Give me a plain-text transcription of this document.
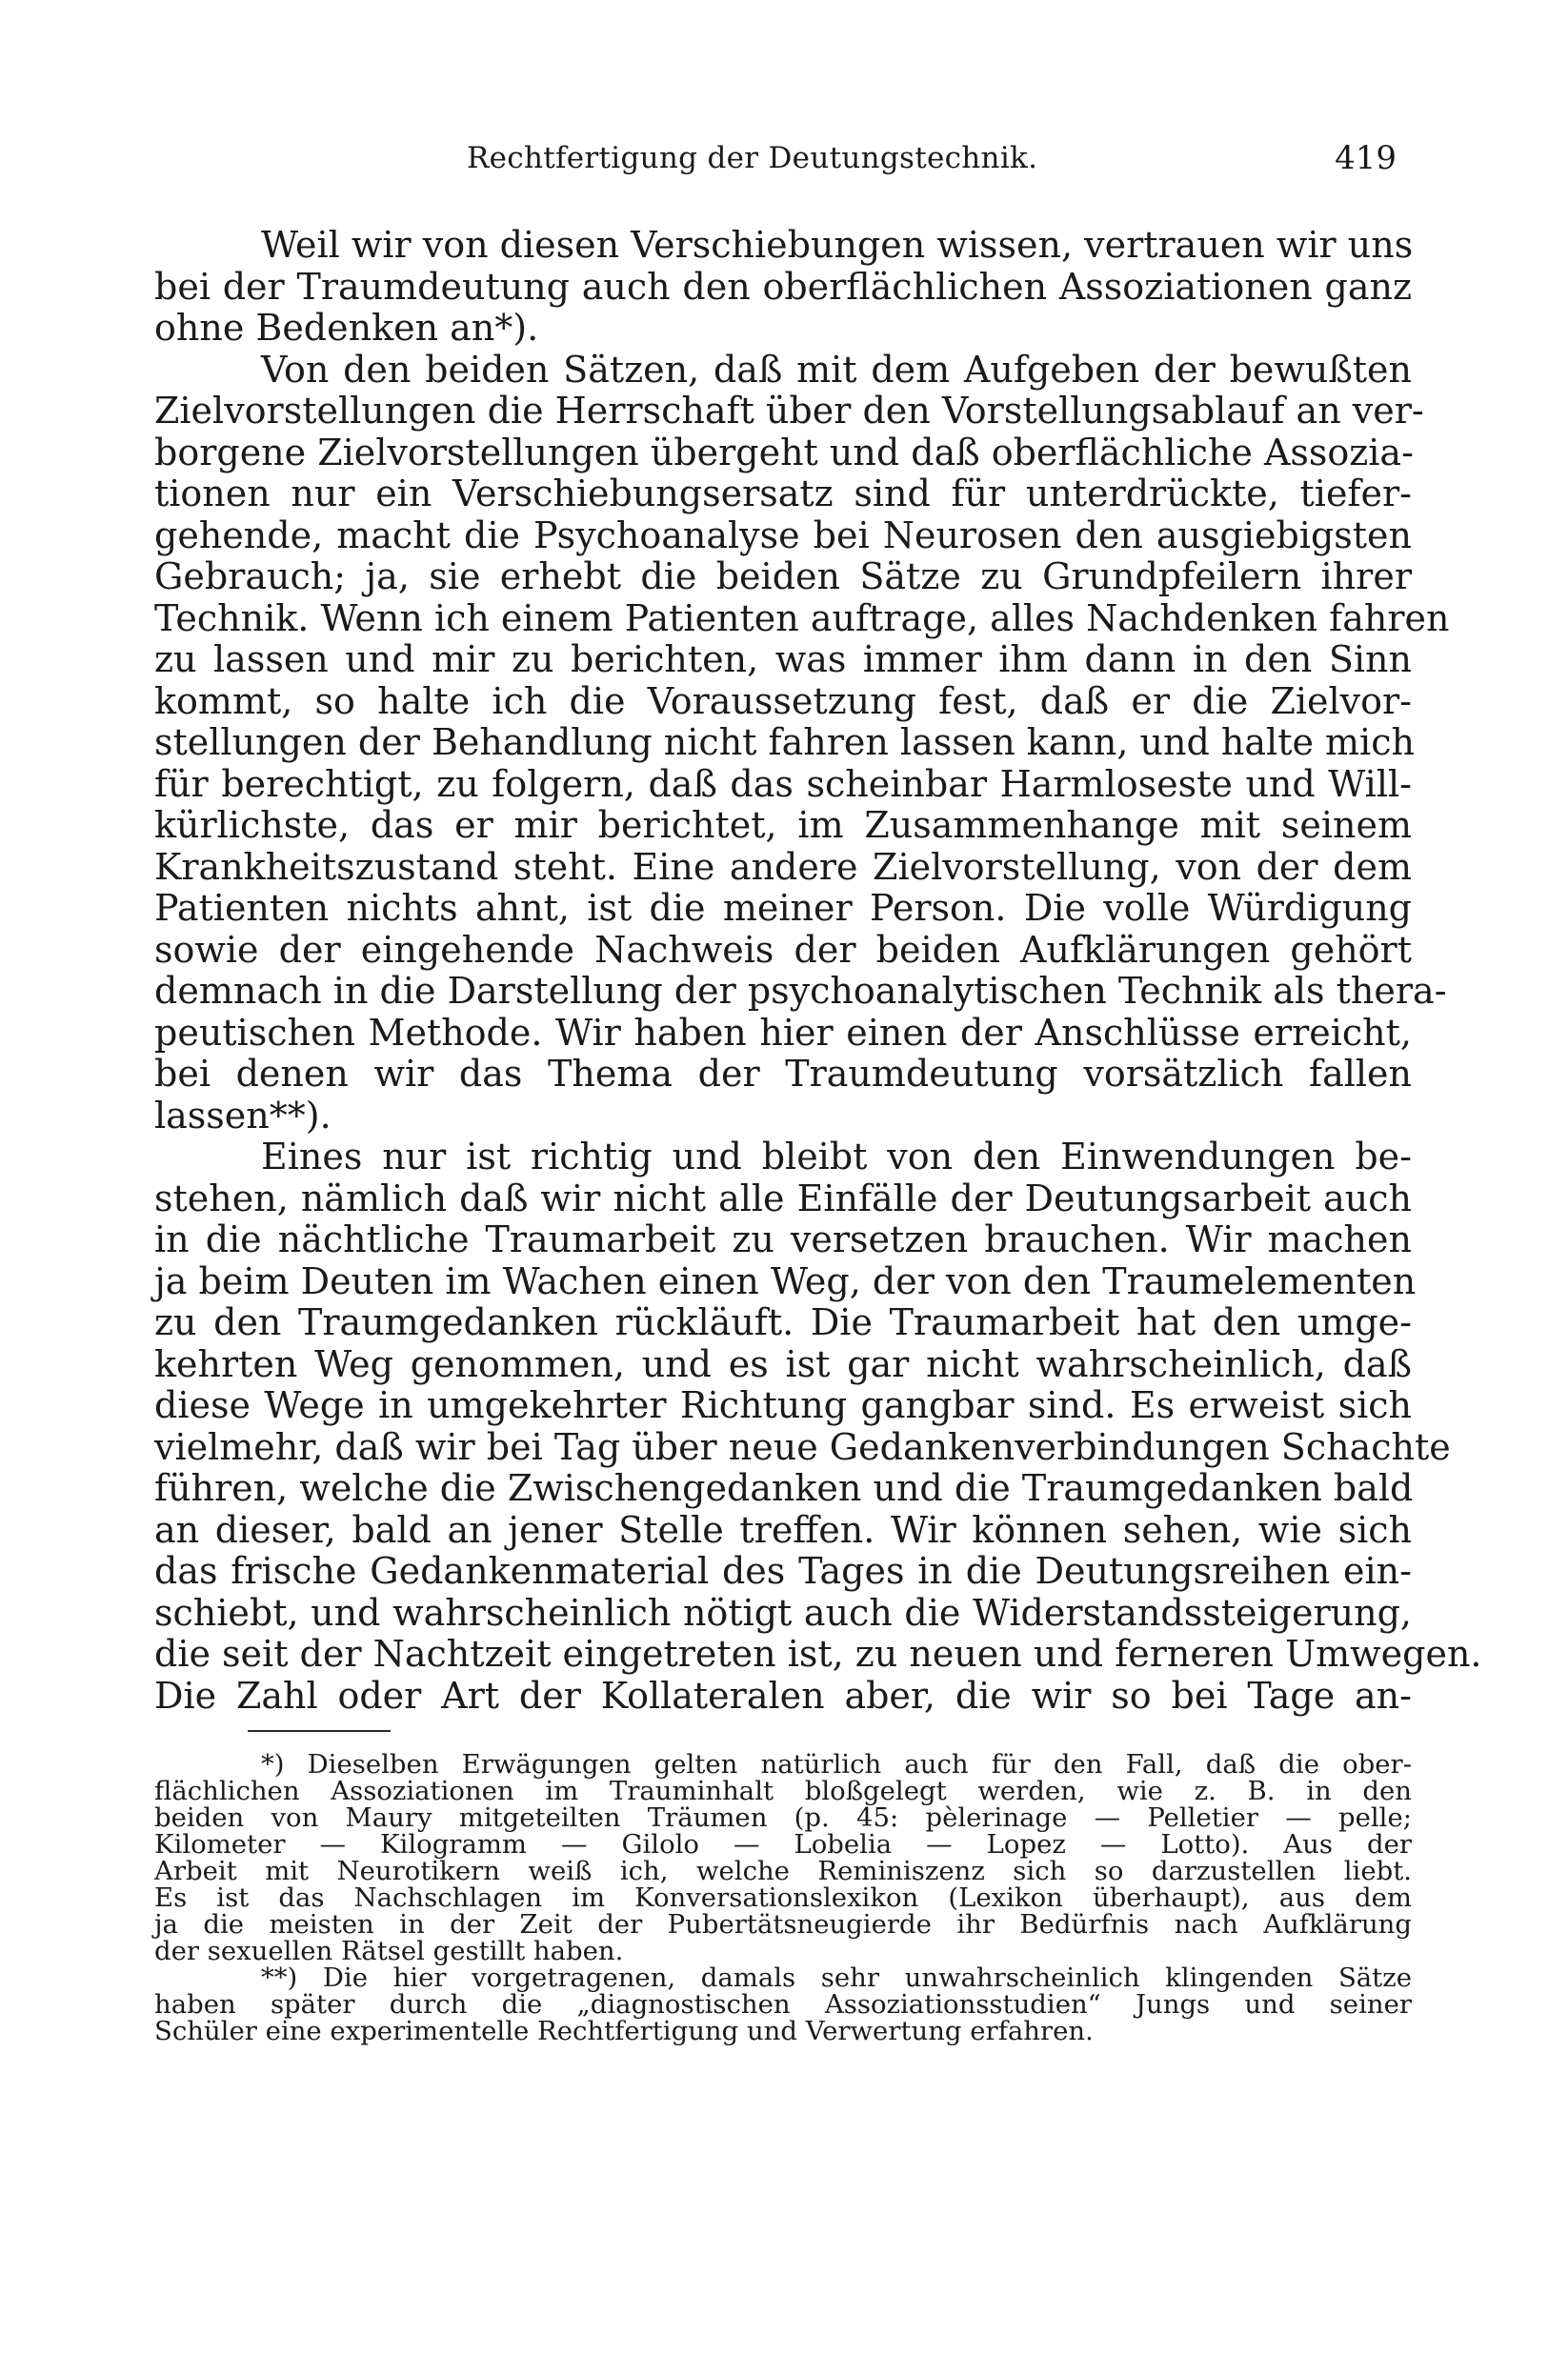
Rechtfertigung der Deutungstechnik.	419
Weil wir von diesen Verschiebungen wissen, vertrauen wir uns
bei der Traumdeutung auch den oberflächlichen Assoziationen ganz
ohne Bedenken an*).
Von den beiden Sätzen, daß mit dem Aufgeben der bewußten
Zielvorstellungen die Herrschaft über den Vorstellungsablauf an ver-
borgene Zielvorstellungen übergeht und daß oberflächliche Assozia-
tionen nur ein Verschiebungsersatz sind für unterdrückte, tiefer-
gehende, macht die Psychoanalyse bei Neurosen den ausgiebigsten
Gebrauch; ja, sie erhebt die beiden Sätze zu Grundpfeilern ihrer
Technik. Wenn ich einem Patienten auftrage, alles Nachdenken fahren
zu lassen und mir zu berichten, was immer ihm dann in den Sinn
kommt, so halte ich die Voraussetzung fest, daß er die Zielvor-
stellungen der Behandlung nicht fahren lassen kann, und halte mich
für berechtigt, zu folgern, daß das scheinbar Harmloseste und Will-
kürlichste, das er mir berichtet, im Zusammenhange mit seinem
Krankheitszustand steht. Eine andere Zielvorstellung, von der dem
Patienten nichts ahnt, ist die meiner Person. Die volle Würdigung
sowie der eingehende Nachweis der beiden Aufklärungen gehört
demnach in die Darstellung der psychoanalytischen Technik als thera-
peutischen Methode. Wir haben hier einen der Anschlüsse erreicht,
bei denen wir das Thema der Traumdeutung vorsätzlich fallen
lassen**).
Eines nur ist richtig und bleibt von den Einwendungen be-
stehen, nämlich daß wir nicht alle Einfälle der Deutungsarbeit auch
in die nächtliche Traumarbeit zu versetzen brauchen. Wir machen
ja beim Deuten im Wachen einen Weg, der von den Traumelementen
zu den Traumgedanken rückläuft. Die Traumarbeit hat den umge-
kehrten Weg genommen, und es ist gar nicht wahrscheinlich, daß
diese Wege in umgekehrter Richtung gangbar sind. Es erweist sich
vielmehr, daß wir bei Tag über neue Gedankenverbindungen Schachte
führen, welche die Zwischengedanken und die Traumgedanken bald
an dieser, bald an jener Stelle treffen. Wir können sehen, wie sich
das frische Gedankenmaterial des Tages in die Deutungsreihen ein-
schiebt, und wahrscheinlich nötigt auch die Widerstandssteigerung,
die seit der Nachtzeit eingetreten ist, zu neuen und ferneren Umwegen.
Die Zahl oder Art der Kollateralen aber, die wir so bei Tage an-
*) Dieselben Erwägungen gelten natürlich auch für den Fall, daß die ober-
flächlichen Assoziationen im Trauminhalt bloßgelegt werden, wie z. B. in den
beiden von Maury mitgeteilten Träumen (p. 45: pèlerinage — Pelletier — pelle;
Kilometer — Kilogramm — Gilolo — Lobelia — Lopez — Lotto). Aus der
Arbeit mit Neurotikern weiß ich, welche Reminiszenz sich so darzustellen liebt.
Es ist das Nachschlagen im Konversationslexikon (Lexikon überhaupt), aus dem
ja die meisten in der Zeit der Pubertätsneugierde ihr Bedürfnis nach Aufklärung
der sexuellen Rätsel gestillt haben.
**) Die hier vorgetragenen, damals sehr unwahrscheinlich klingenden Sätze
haben später durch die „diagnostischen Assoziationsstudien“ Jungs und seiner
Schüler eine experimentelle Rechtfertigung und Verwertung erfahren.
